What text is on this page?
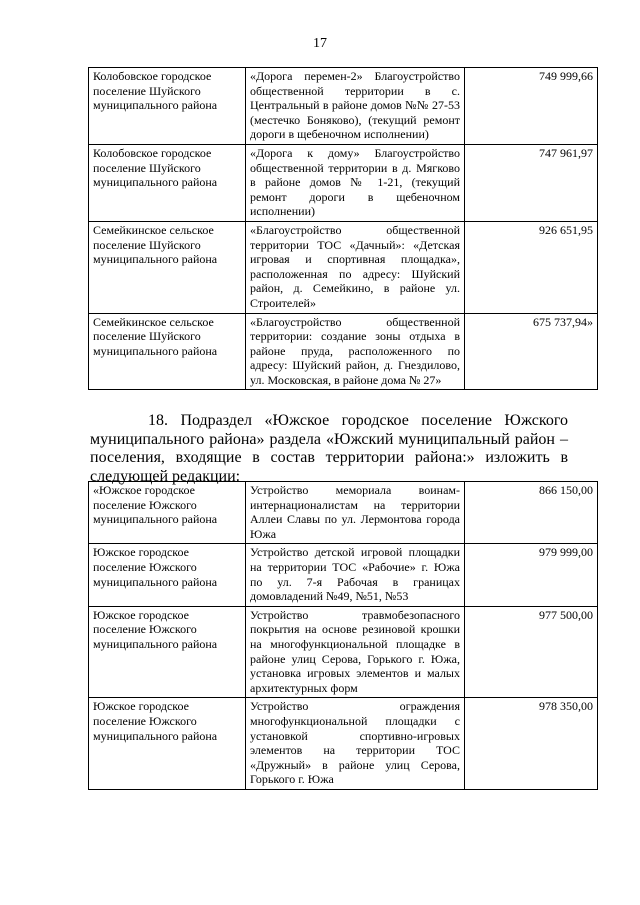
17
Колобовское городское поселение Шуйского муниципального района	«Дорога перемен-2» Благоустройство общественной территории в с. Центральный в районе домов №№ 27-53 (местечко Боняково), (текущий ремонт дороги в щебеночном исполнении)	749 999,66
Колобовское городское поселение Шуйского муниципального района	«Дорога к дому» Благоустройство общественной территории в д. Мягково в районе домов № 1-21, (текущий ремонт дороги в щебеночном исполнении)	747 961,97
Семейкинское сельское поселение Шуйского муниципального района	«Благоустройство общественной территории ТОС «Дачный»: «Детская игровая и спортивная площадка», расположенная по адресу: Шуйский район, д. Семейкино, в районе ул. Строителей»	926 651,95
Семейкинское сельское поселение Шуйского муниципального района	«Благоустройство общественной территории: создание зоны отдыха в районе пруда, расположенного по адресу: Шуйский район, д. Гнездилово, ул. Московская, в районе дома № 27»	675 737,94»
18. Подраздел «Южское городское поселение Южского муниципального района» раздела «Южский муниципальный район – поселения, входящие в состав территории района:» изложить в следующей редакции:
«Южское городское поселение Южского муниципального района	Устройство мемориала воинам-интернационалистам на территории Аллеи Славы по ул. Лермонтова города Южа	866 150,00
Южское городское поселение Южского муниципального района	Устройство детской игровой площадки на территории ТОС «Рабочие» г. Южа по ул. 7-я Рабочая в границах домовладений №49, №51, №53	979 999,00
Южское городское поселение Южского муниципального района	Устройство травмобезопасного покрытия на основе резиновой крошки на многофункциональной площадке в районе улиц Серова, Горького г. Южа, установка игровых элементов и малых архитектурных форм	977 500,00
Южское городское поселение Южского муниципального района	Устройство ограждения многофункциональной площадки с установкой спортивно-игровых элементов на территории ТОС «Дружный» в районе улиц Серова, Горького г. Южа	978 350,00
